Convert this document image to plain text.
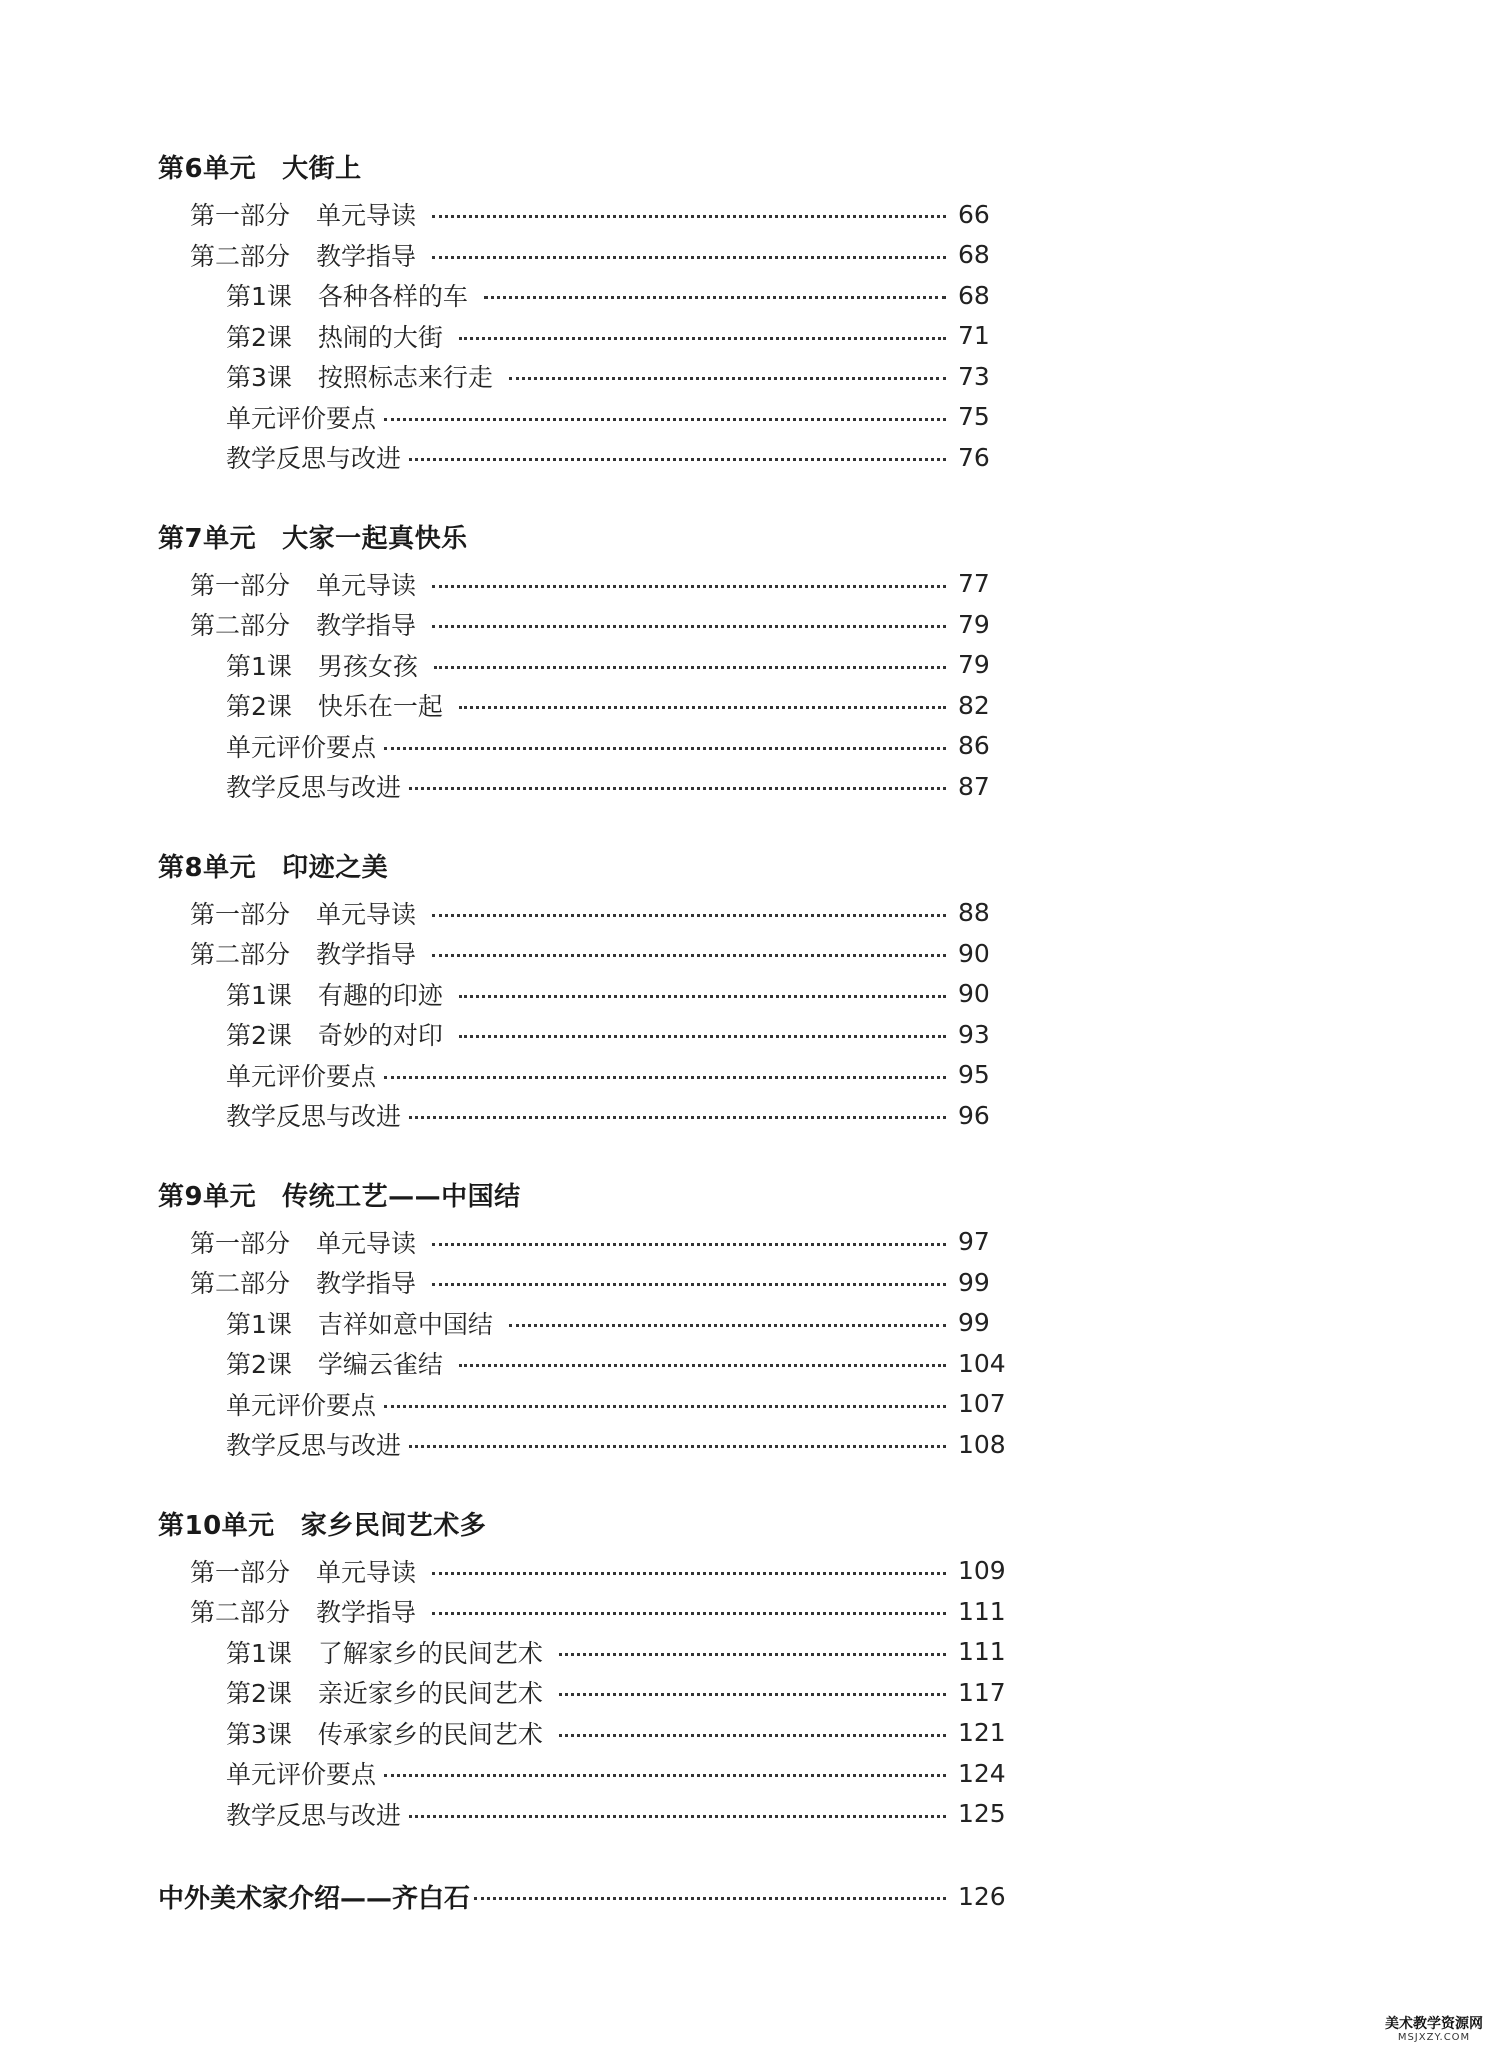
第6单元 大街上
第一部分 单元导读	66
第二部分 教学指导	68
第1课 各种各样的车	68
第2课 热闹的大街	71
第3课 按照标志来行走	73
单元评价要点	75
教学反思与改进	76
第7单元 大家一起真快乐
第一部分 单元导读	77
第二部分 教学指导	79
第1课 男孩女孩	79
第2课 快乐在一起	82
单元评价要点	86
教学反思与改进	87
第8单元 印迹之美
第一部分 单元导读	88
第二部分 教学指导	90
第1课 有趣的印迹	90
第2课 奇妙的对印	93
单元评价要点	95
教学反思与改进	96
第9单元 传统工艺——中国结
第一部分 单元导读	97
第二部分 教学指导	99
第1课 吉祥如意中国结	99
第2课 学编云雀结	104
单元评价要点	107
教学反思与改进	108
第10单元 家乡民间艺术多
第一部分 单元导读	109
第二部分 教学指导	111
第1课 了解家乡的民间艺术	111
第2课 亲近家乡的民间艺术	117
第3课 传承家乡的民间艺术	121
单元评价要点	124
教学反思与改进	125
中外美术家介绍——齐白石	126
美术教学资源网
MSJXZY.COM
